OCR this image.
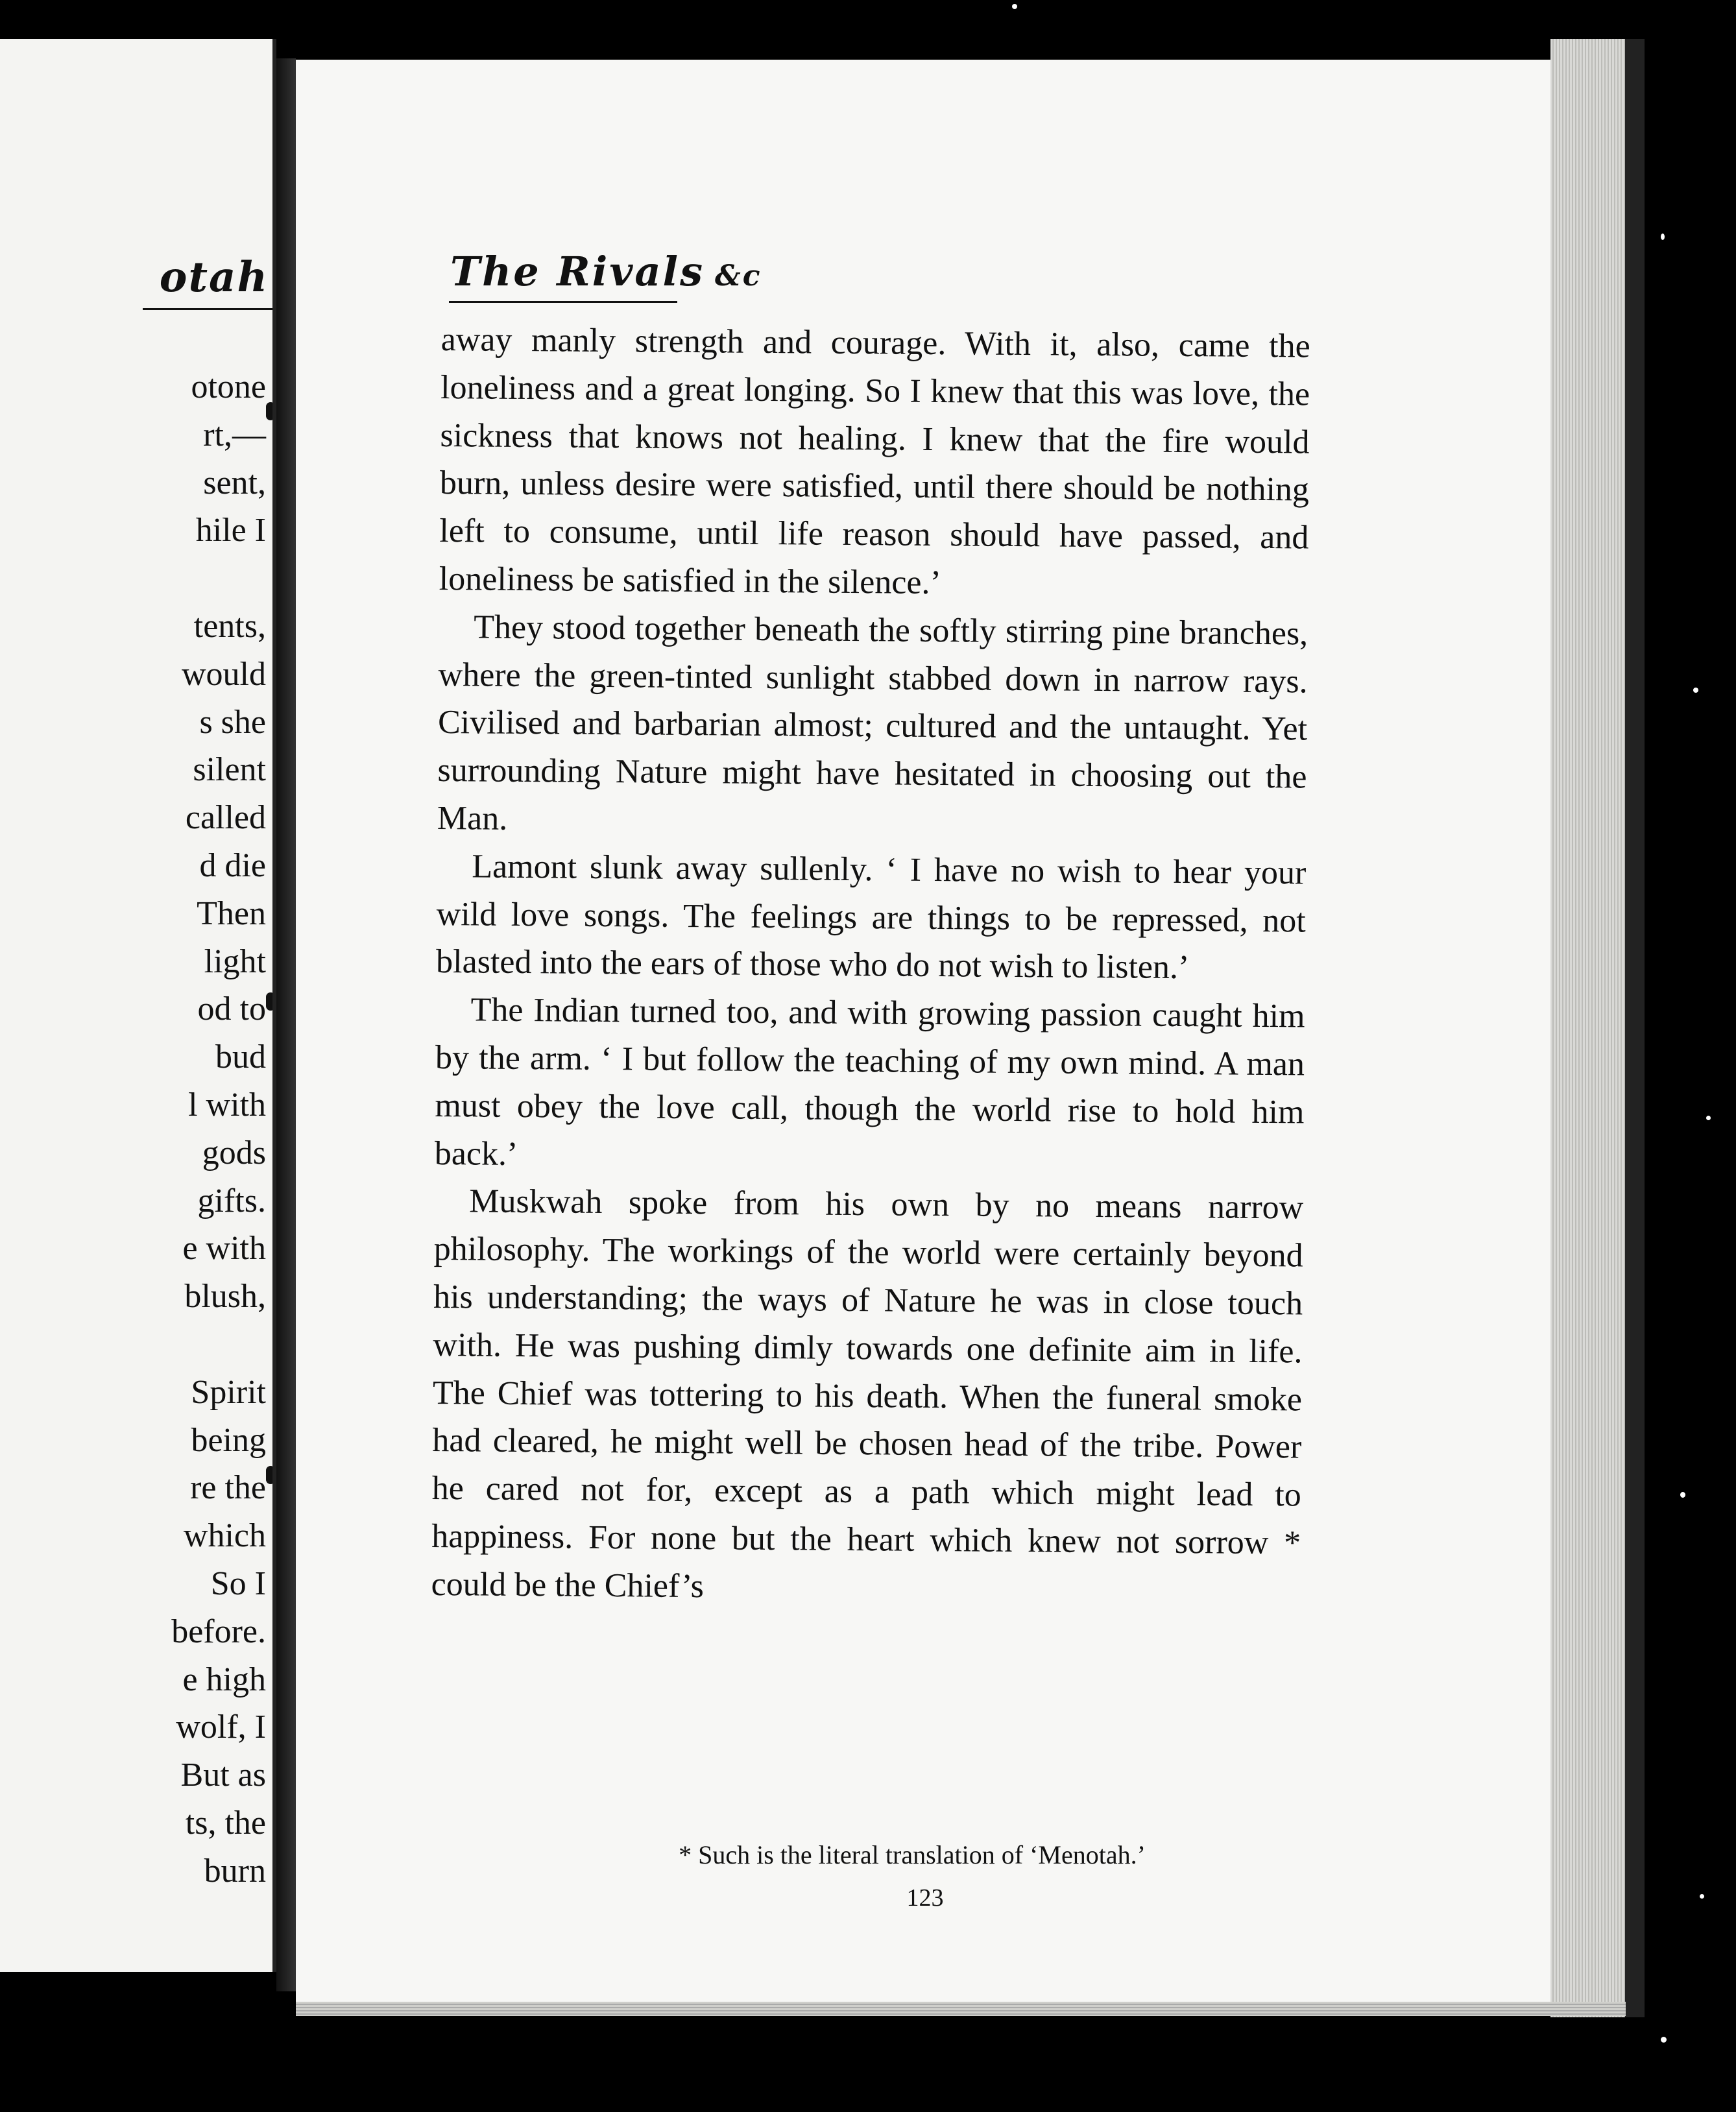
otah
otone
rt,—
sent,
hile I

tents,
would
s she
silent
called
d die
Then
light
od to
bud
l with
gods
gifts.
e with
blush,

Spirit
being
re the
which
So I
before.
e high
wolf, I
But as
ts, the
burn
The Rivals &c

away manly strength and courage. With it, also, came the loneliness and a great longing. So I knew that this was love, the sickness that knows not healing. I knew that the fire would burn, unless desire were satisfied, until there should be nothing left to consume, until life reason should have passed, and loneliness be satisfied in the silence.’

They stood together beneath the softly stirring pine branches, where the green-tinted sunlight stabbed down in narrow rays. Civilised and barbarian almost; cultured and the untaught. Yet surrounding Nature might have hesitated in choosing out the Man.

Lamont slunk away sullenly. ‘ I have no wish to hear your wild love songs. The feelings are things to be repressed, not blasted into the ears of those who do not wish to listen.’

The Indian turned too, and with growing passion caught him by the arm. ‘ I but follow the teaching of my own mind. A man must obey the love call, though the world rise to hold him back.’

Muskwah spoke from his own by no means narrow philosophy. The workings of the world were certainly beyond his understanding; the ways of Nature he was in close touch with. He was pushing dimly towards one definite aim in life. The Chief was tottering to his death. When the funeral smoke had cleared, he might well be chosen head of the tribe. Power he cared not for, except as a path which might lead to happiness. For none but the heart which knew not sorrow * could be the Chief’s

* Such is the literal translation of ‘Menotah.’
123
